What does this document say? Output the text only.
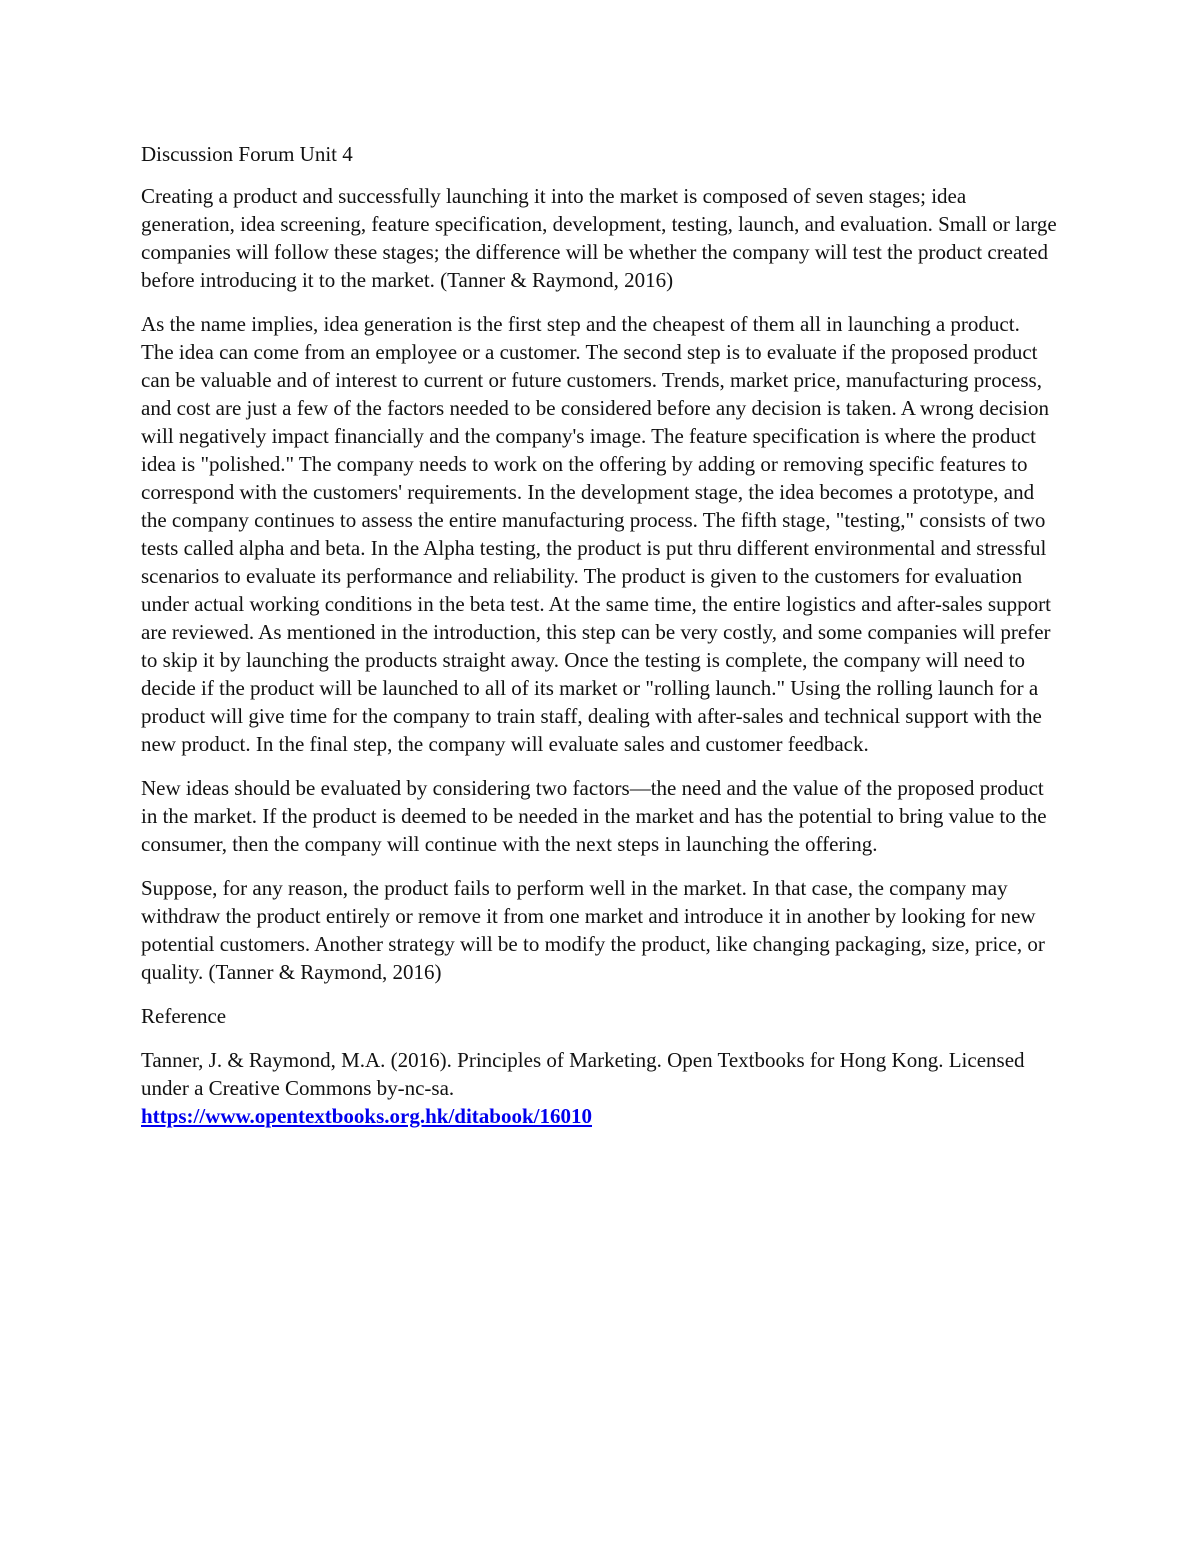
Discussion Forum Unit 4

Creating a product and successfully launching it into the market is composed of seven stages; idea generation, idea screening, feature specification, development, testing, launch, and evaluation. Small or large companies will follow these stages; the difference will be whether the company will test the product created before introducing it to the market. (Tanner & Raymond, 2016)

As the name implies, idea generation is the first step and the cheapest of them all in launching a product. The idea can come from an employee or a customer. The second step is to evaluate if the proposed product can be valuable and of interest to current or future customers. Trends, market price, manufacturing process, and cost are just a few of the factors needed to be considered before any decision is taken. A wrong decision will negatively impact financially and the company's image. The feature specification is where the product idea is "polished." The company needs to work on the offering by adding or removing specific features to correspond with the customers' requirements. In the development stage, the idea becomes a prototype, and the company continues to assess the entire manufacturing process. The fifth stage, "testing," consists of two tests called alpha and beta. In the Alpha testing, the product is put thru different environmental and stressful scenarios to evaluate its performance and reliability. The product is given to the customers for evaluation under actual working conditions in the beta test. At the same time, the entire logistics and after-sales support are reviewed. As mentioned in the introduction, this step can be very costly, and some companies will prefer to skip it by launching the products straight away. Once the testing is complete, the company will need to decide if the product will be launched to all of its market or "rolling launch." Using the rolling launch for a product will give time for the company to train staff, dealing with after-sales and technical support with the new product. In the final step, the company will evaluate sales and customer feedback.

New ideas should be evaluated by considering two factors—the need and the value of the proposed product in the market. If the product is deemed to be needed in the market and has the potential to bring value to the consumer, then the company will continue with the next steps in launching the offering.

Suppose, for any reason, the product fails to perform well in the market. In that case, the company may withdraw the product entirely or remove it from one market and introduce it in another by looking for new potential customers. Another strategy will be to modify the product, like changing packaging, size, price, or quality. (Tanner & Raymond, 2016)

Reference

Tanner, J. & Raymond, M.A. (2016). Principles of Marketing. Open Textbooks for Hong Kong. Licensed under a Creative Commons by-nc-sa.
https://www.opentextbooks.org.hk/ditabook/16010
